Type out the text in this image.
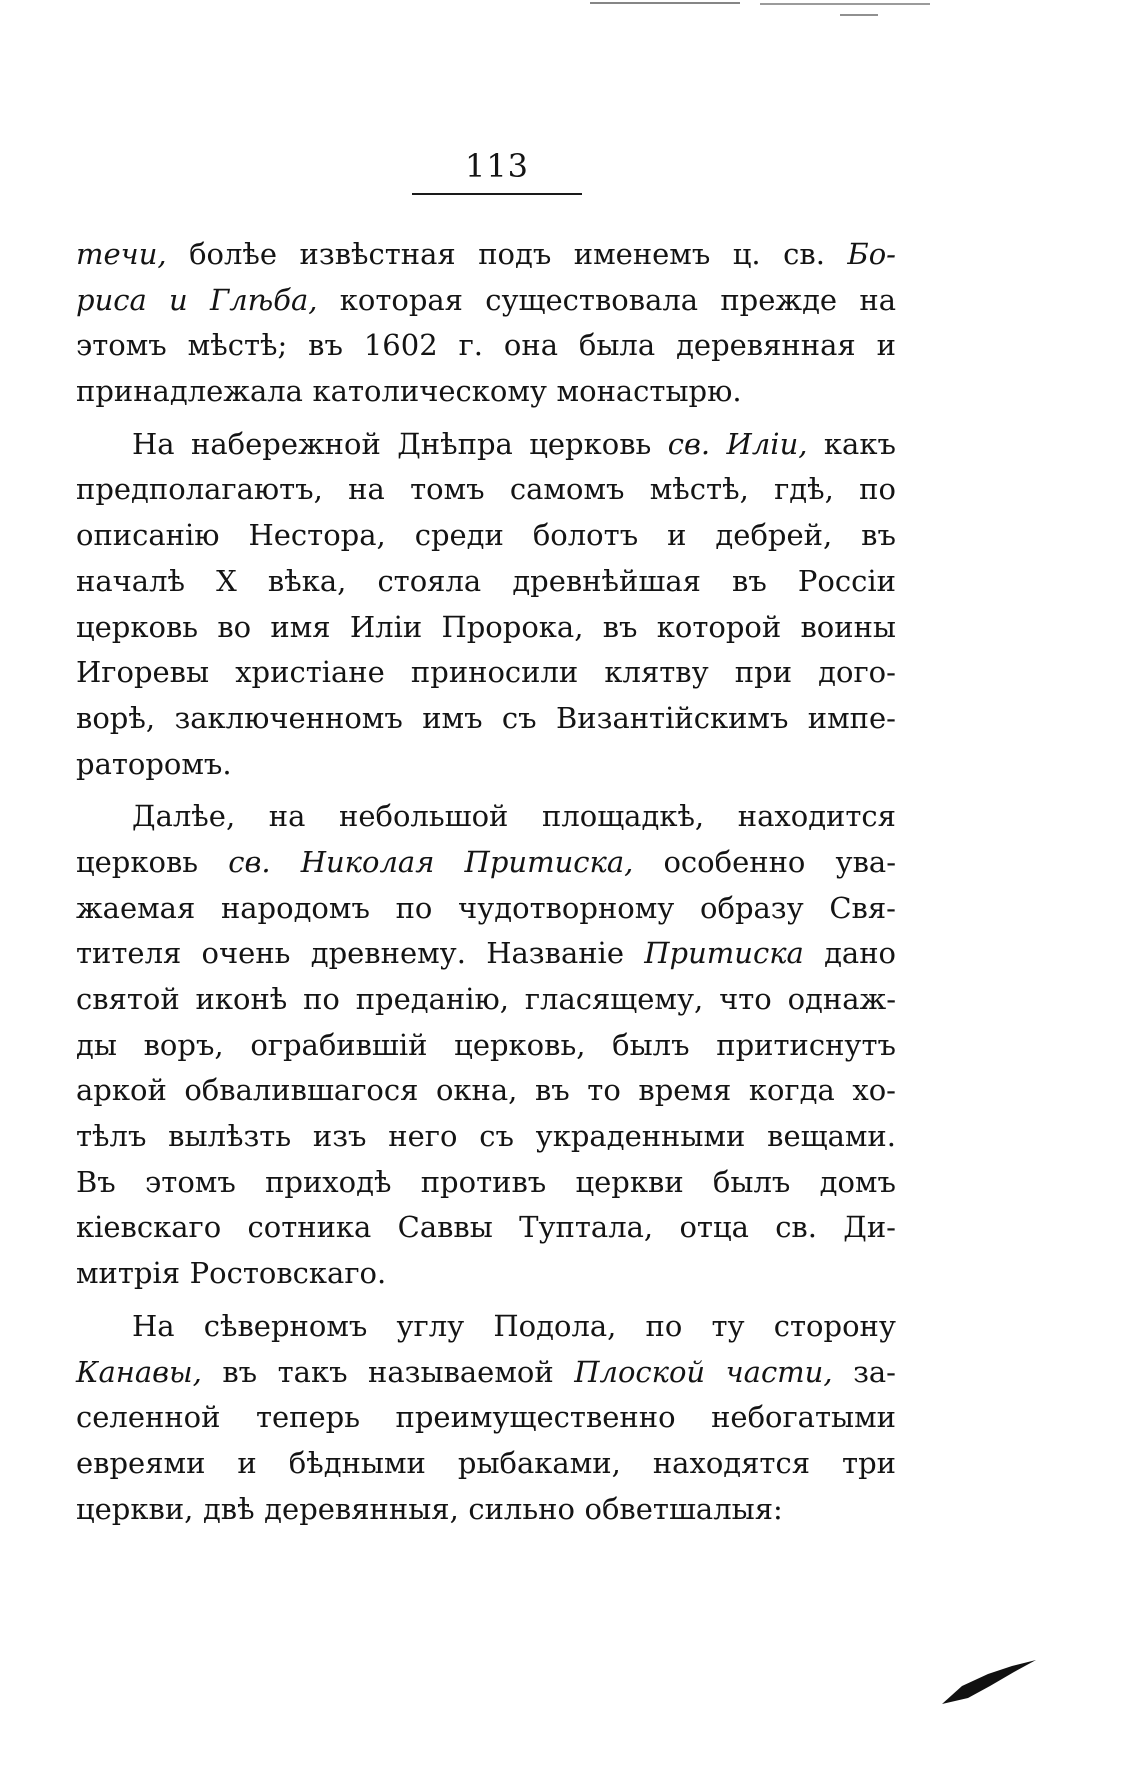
113
течи, болѣе извѣстная подъ именемъ ц. св. Бо-
риса и Глѣба, которая существовала прежде на
этомъ мѣстѣ; въ 1602 г. она была деревянная и
принадлежала католическому монастырю.
На набережной Днѣпра церковь св. Иліи, какъ
предполагаютъ, на томъ самомъ мѣстѣ, гдѣ, по
описанію Нестора, среди болотъ и дебрей, въ
началѣ X вѣка, стояла древнѣйшая въ Россіи
церковь во имя Иліи Пророка, въ которой воины
Игоревы христіане приносили клятву при дого-
ворѣ, заключенномъ имъ съ Византійскимъ импе-
раторомъ.
Далѣе, на небольшой площадкѣ, находится
церковь св. Николая Притиска, особенно ува-
жаемая народомъ по чудотворному образу Свя-
тителя очень древнему. Названіе Притиска дано
святой иконѣ по преданію, гласящему, что однаж-
ды воръ, ограбившій церковь, былъ притиснутъ
аркой обвалившагося окна, въ то время когда хо-
тѣлъ вылѣзть изъ него съ украденными вещами.
Въ этомъ приходѣ противъ церкви былъ домъ
кіевскаго сотника Саввы Туптала, отца св. Ди-
митрія Ростовскаго.
На сѣверномъ углу Подола, по ту сторону
Канавы, въ такъ называемой Плоской части, за-
селенной теперь преимущественно небогатыми
евреями и бѣдными рыбаками, находятся три
церкви, двѣ деревянныя, сильно обветшалыя:
